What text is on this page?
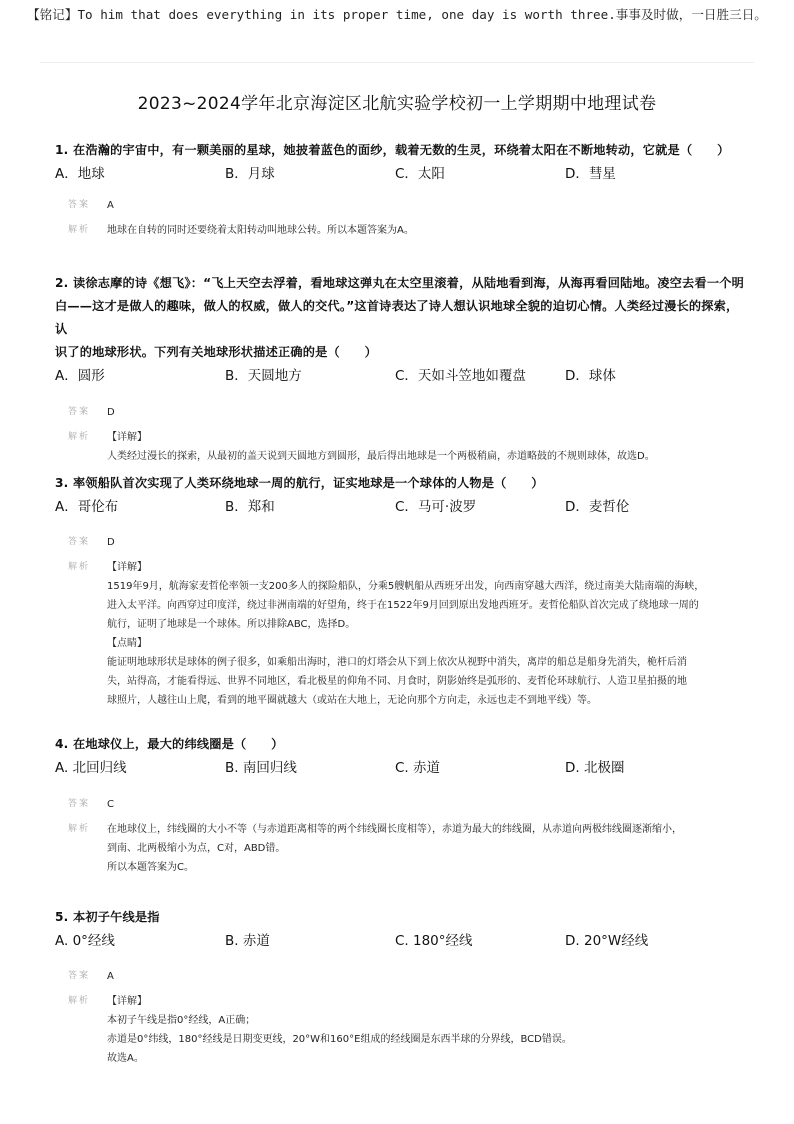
【铭记】To him that does everything in its proper time, one day is worth three.事事及时做，一日胜三日。
2023~2024学年北京海淀区北航实验学校初一上学期期中地理试卷

1. 在浩瀚的宇宙中，有一颗美丽的星球，她披着蓝色的面纱，载着无数的生灵，环绕着太阳在不断地转动，它就是（　　）

A．地球	B．月球	C．太阳	D．彗星
答案 A
解析 地球在自转的同时还要绕着太阳转动叫地球公转。所以本题答案为A。

2. 读徐志摩的诗《想飞》：“飞上天空去浮着，看地球这弹丸在太空里滚着，从陆地看到海，从海再看回陆地。凌空去看一个明
白——这才是做人的趣味，做人的权威，做人的交代。”这首诗表达了诗人想认识地球全貌的迫切心情。人类经过漫长的探索，认
识了的地球形状。下列有关地球形状描述正确的是（　　）

A．圆形	B．天圆地方	C．天如斗笠地如覆盘	D．球体
答案 D
解析 【详解】
人类经过漫长的探索，从最初的盖天说到天圆地方到圆形，最后得出地球是一个两极稍扁，赤道略鼓的不规则球体，故选D。

3. 率领船队首次实现了人类环绕地球一周的航行，证实地球是一个球体的人物是（　　）

A．哥伦布	B．郑和	C．马可·波罗	D．麦哲伦
答案 D
解析 【详解】
1519年9月，航海家麦哲伦率领一支200多人的探险船队，分乘5艘帆船从西班牙出发，向西南穿越大西洋，绕过南美大陆南端的海峡，
进入太平洋。向西穿过印度洋，绕过非洲南端的好望角，终于在1522年9月回到原出发地西班牙。麦哲伦船队首次完成了绕地球一周的
航行，证明了地球是一个球体。所以排除ABC，选择D。
【点睛】
能证明地球形状是球体的例子很多，如乘船出海时，港口的灯塔会从下到上依次从视野中消失，离岸的船总是船身先消失，桅杆后消
失，站得高，才能看得远、世界不同地区，看北极星的仰角不同、月食时，阴影始终是弧形的、麦哲伦环球航行、人造卫星拍摄的地
球照片，人越往山上爬，看到的地平圈就越大（或站在大地上，无论向那个方向走，永远也走不到地平线）等。

4. 在地球仪上，最大的纬线圈是（　　）

A. 北回归线	B. 南回归线	C. 赤道	D. 北极圈
答案 C
解析 在地球仪上，纬线圈的大小不等（与赤道距离相等的两个纬线圈长度相等），赤道为最大的纬线圈，从赤道向两极纬线圈逐渐缩小，
到南、北两极缩小为点，C对，ABD错。
所以本题答案为C。

5. 本初子午线是指

A. 0°经线	B. 赤道	C. 180°经线	D. 20°W经线
答案 A
解析 【详解】
本初子午线是指0°经线，A正确；
赤道是0°纬线，180°经线是日期变更线，20°W和160°E组成的经线圈是东西半球的分界线，BCD错误。
故选A。
